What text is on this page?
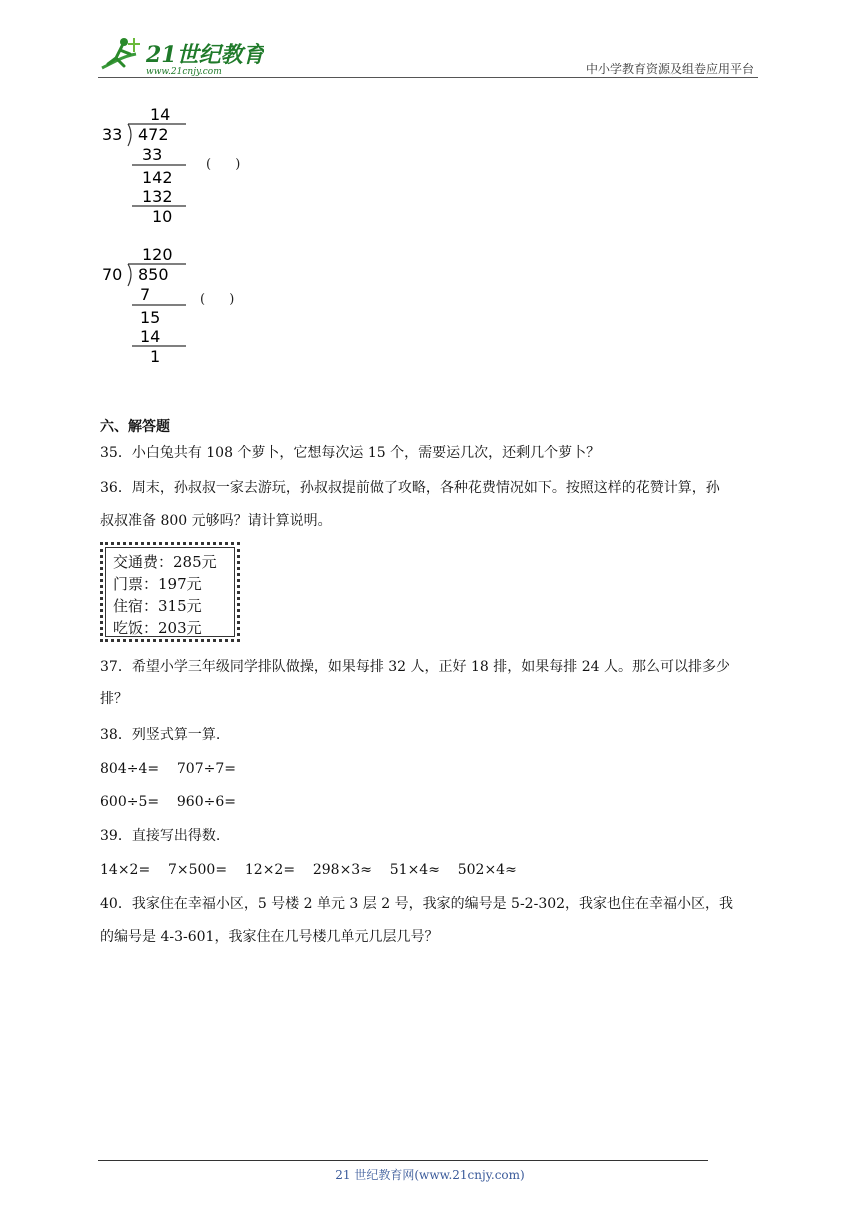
21世纪教育
www.21cnjy.com	中小学教育资源及组卷应用平台
14
33 472
33
142
132
10
( )
120
70 850
7
15
14
1
( )
六、解答题
35．小白兔共有 108 个萝卜，它想每次运 15 个，需要运几次，还剩几个萝卜？
36．周末，孙叔叔一家去游玩，孙叔叔提前做了攻略，各种花费情况如下。按照这样的花赞计算，孙
叔叔准备 800 元够吗？请计算说明。
交通费：285元
门票：197元
住宿：315元
吃饭：203元
37．希望小学三年级同学排队做操，如果每排 32 人，正好 18 排，如果每排 24 人。那么可以排多少
排？
38．列竖式算一算.
804÷4=    707÷7=
600÷5=    960÷6=
39．直接写出得数.
14×2=    7×500=    12×2=    298×3≈    51×4≈    502×4≈
40．我家住在幸福小区，5 号楼 2 单元 3 层 2 号，我家的编号是 5-2-302，我家也住在幸福小区，我
的编号是 4-3-601，我家住在几号楼几单元几层几号？
21 世纪教育网(www.21cnjy.com)
